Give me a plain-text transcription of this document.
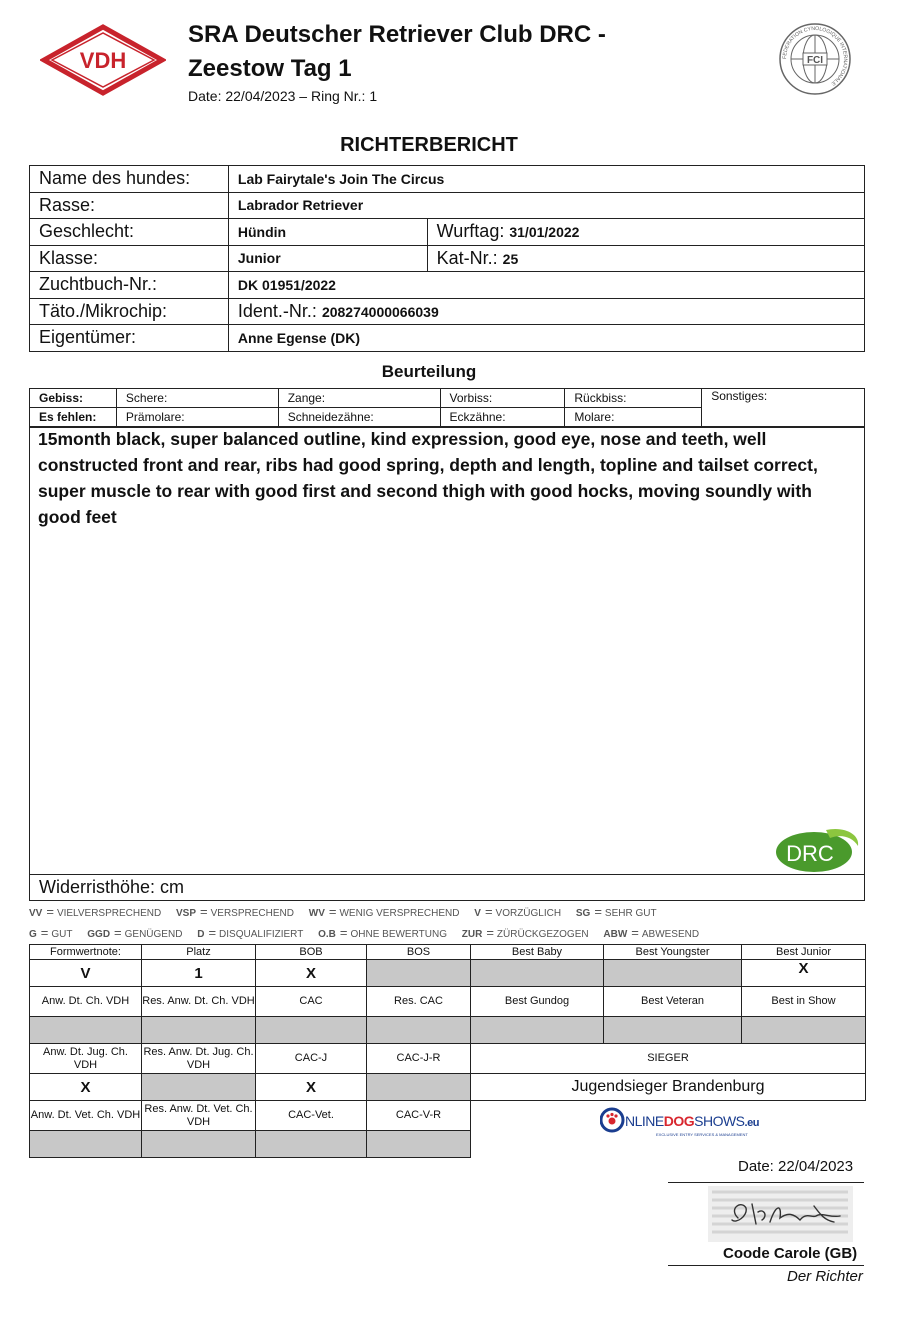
VDH
SRA Deutscher Retriever Club DRC -
Zeestow Tag 1
Date: 22/04/2023 – Ring Nr.: 1
FEDERATION CYNOLOGIQUE INTERNATIONALE
FCI
RICHTERBERICHT
Name des hundes:	Lab Fairytale's Join The Circus	
Rasse:	Labrador Retriever	
Geschlecht:	Hündin	Wurftag: 31/01/2022
Klasse:	Junior	Kat-Nr.: 25
Zuchtbuch-Nr.:	DK 01951/2022	
Täto./Mikrochip:	Ident.-Nr.: 208274000066039	
Eigentümer:	Anne Egense (DK)	
Beurteilung
Gebiss:	Schere:	Zange:	Vorbiss:	Rückbiss:	Sonstiges:
Es fehlen:	Prämolare:	Schneidezähne:	Eckzähne:	Molare:	
15month black, super balanced outline, kind expression, good eye, nose and teeth, well constructed front and rear, ribs had good spring, depth and length, topline and tailset correct, super muscle to rear with good first and second thigh with good hocks, moving soundly with good feet
DRC
Widerristhöhe: cm
VV = VIELVERSPRECHEND VSP = VERSPRECHEND WV = WENIG VERSPRECHEND V = VORZÜGLICH SG = SEHR GUT
G = GUT GGD = GENÜGEND D = DISQUALIFIZIERT O.B = OHNE BEWERTUNG ZUR = ZÜRÜCKGEZOGEN ABW = ABWESEND
Formwertnote:	Platz	BOB	BOS	Best Baby	Best Youngster	Best Junior
V	1	X				X
Anw. Dt. Ch. VDH	Res. Anw. Dt. Ch. VDH	CAC	Res. CAC	Best Gundog	Best Veteran	Best in Show

Anw. Dt. Jug. Ch. VDH	Res. Anw. Dt. Jug. Ch. VDH	CAC-J	CAC-J-R	SIEGER		
X		X		Jugendsieger Brandenburg		
Anw. Dt. Vet. Ch. VDH	Res. Anw. Dt. Vet. Ch. VDH	CAC-Vet.	CAC-V-R			
					NLINEDOGSHOWS.eu
EXCLUSIVE ENTRY SERVICES & MANAGEMENT
Date: 22/04/2023
Coode Carole (GB)
Der Richter
